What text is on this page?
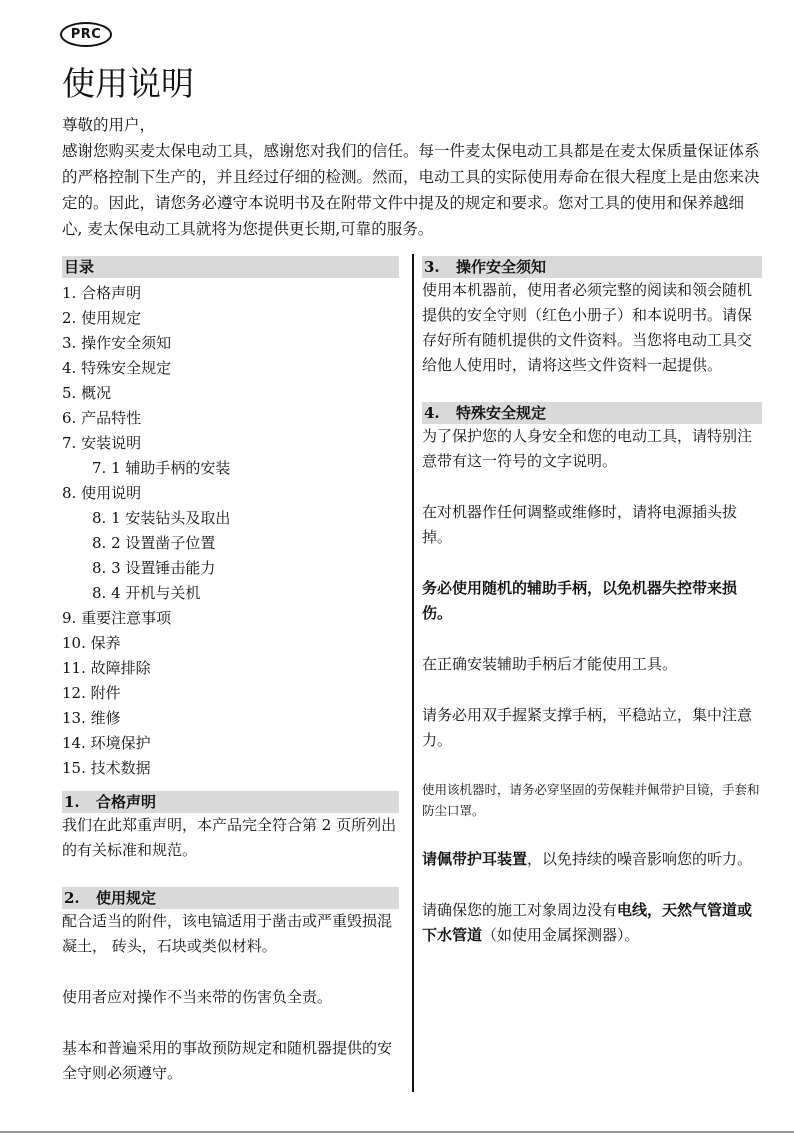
PRC
使用说明

尊敬的用户，

感谢您购买麦太保电动工具，感谢您对我们的信任。每一件麦太保电动工具都是在麦太保质量保证体系的严格控制下生产的，并且经过仔细的检测。然而，电动工具的实际使用寿命在很大程度上是由您来决定的。因此，请您务必遵守本说明书及在附带文件中提及的规定和要求。您对工具的使用和保养越细心, 麦太保电动工具就将为您提供更长期,可靠的服务。

目录
1. 合格声明
2. 使用规定
3. 操作安全须知
4. 特殊安全规定
5. 概况
6. 产品特性
7. 安装说明
7. 1 辅助手柄的安装
8. 使用说明
8. 1 安装钻头及取出
8. 2 设置凿子位置
8. 3 设置锤击能力
8. 4 开机与关机
9. 重要注意事项
10. 保养
11. 故障排除
12. 附件
13. 维修
14. 环境保护
15. 技术数据
1. 合格声明

我们在此郑重声明，本产品完全符合第 2 页所列出的有关标准和规范。

2. 使用规定

配合适当的附件，该电镐适用于凿击或严重毁损混凝土， 砖头，石块或类似材料。

使用者应对操作不当来带的伤害负全责。

基本和普遍采用的事故预防规定和随机器提供的安全守则必须遵守。

3. 操作安全须知

使用本机器前，使用者必须完整的阅读和领会随机提供的安全守则（红色小册子）和本说明书。请保存好所有随机提供的文件资料。当您将电动工具交给他人使用时，请将这些文件资料一起提供。

4. 特殊安全规定

为了保护您的人身安全和您的电动工具，请特别注意带有这一符号的文字说明。

在对机器作任何调整或维修时，请将电源插头拔掉。

务必使用随机的辅助手柄，以免机器失控带来损伤。

在正确安装辅助手柄后才能使用工具。

请务必用双手握紧支撑手柄，平稳站立，集中注意力。

使用该机器时，请务必穿坚固的劳保鞋并佩带护目镜，手套和防尘口罩。

请佩带护耳装置，以免持续的噪音影响您的听力。

请确保您的施工对象周边没有电线，天然气管道或下水管道（如使用金属探测器）。
